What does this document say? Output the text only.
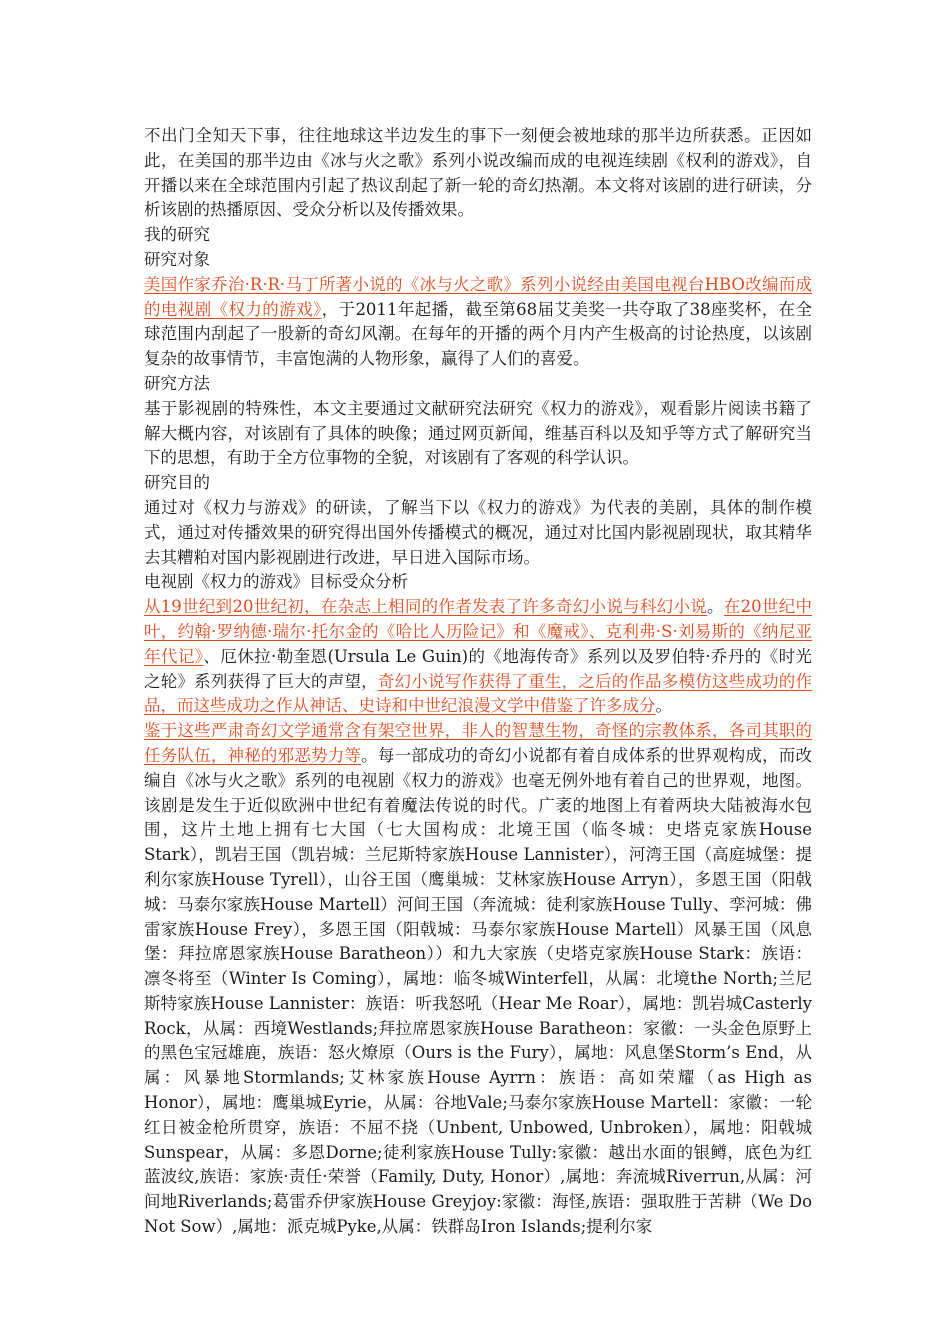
不出门全知天下事，往往地球这半边发生的事下一刻便会被地球的那半边所获悉。正因如此，在美国的那半边由《冰与火之歌》系列小说改编而成的电视连续剧《权利的游戏》，自开播以来在全球范围内引起了热议刮起了新一轮的奇幻热潮。本文将对该剧的进行研读，分析该剧的热播原因、受众分析以及传播效果。
我的研究
研究对象
美国作家乔治·R·R·马丁所著小说的《冰与火之歌》系列小说经由美国电视台HBO改编而成的电视剧《权力的游戏》，于2011年起播，截至第68届艾美奖一共夺取了38座奖杯，在全球范围内刮起了一股新的奇幻风潮。在每年的开播的两个月内产生极高的讨论热度，以该剧复杂的故事情节，丰富饱满的人物形象，赢得了人们的喜爱。
研究方法
基于影视剧的特殊性，本文主要通过文献研究法研究《权力的游戏》，观看影片阅读书籍了解大概内容，对该剧有了具体的映像；通过网页新闻，维基百科以及知乎等方式了解研究当下的思想，有助于全方位事物的全貌，对该剧有了客观的科学认识。
研究目的
通过对《权力与游戏》的研读，了解当下以《权力的游戏》为代表的美剧，具体的制作模式，通过对传播效果的研究得出国外传播模式的概况，通过对比国内影视剧现状，取其精华去其糟粕对国内影视剧进行改进，早日进入国际市场。
电视剧《权力的游戏》目标受众分析
从19世纪到20世纪初，在杂志上相同的作者发表了许多奇幻小说与科幻小说。在20世纪中叶，约翰·罗纳德·瑞尔·托尔金的《哈比人历险记》和《魔戒》、克利弗·S·刘易斯的《纳尼亚年代记》、厄休拉·勒奎恩(Ursula Le Guin)的《地海传奇》系列以及罗伯特·乔丹的《时光之轮》系列获得了巨大的声望，奇幻小说写作获得了重生，之后的作品多模仿这些成功的作品，而这些成功之作从神话、史诗和中世纪浪漫文学中借鉴了许多成分。
鉴于这些严肃奇幻文学通常含有架空世界，非人的智慧生物，奇怪的宗教体系，各司其职的任务队伍，神秘的邪恶势力等。每一部成功的奇幻小说都有着自成体系的世界观构成，而改编自《冰与火之歌》系列的电视剧《权力的游戏》也毫无例外地有着自己的世界观，地图。该剧是发生于近似欧洲中世纪有着魔法传说的时代。广袤的地图上有着两块大陆被海水包围，这片土地上拥有七大国（七大国构成：北境王国（临冬城：史塔克家族House Stark），凯岩王国（凯岩城：兰尼斯特家族House Lannister），河湾王国（高庭城堡：提利尔家族House Tyrell），山谷王国（鹰巢城：艾林家族House Arryn），多恩王国（阳戟城：马泰尔家族House Martell）河间王国（奔流城：徒利家族House Tully、孪河城：佛雷家族House Frey），多恩王国（阳戟城：马泰尔家族House Martell）风暴王国（风息堡：拜拉席恩家族House Baratheon））和九大家族（史塔克家族House Stark：族语：凛冬将至（Winter Is Coming），属地：临冬城Winterfell，从属：北境the North;兰尼斯特家族House Lannister：族语：听我怒吼（Hear Me Roar），属地：凯岩城Casterly Rock，从属：西境Westlands;拜拉席恩家族House Baratheon：家徽：一头金色原野上的黑色宝冠雄鹿，族语：怒火燎原（Ours is the Fury），属地：风息堡Storm’s End，从属：风暴地Stormlands;艾林家族House Ayrrn：族语：高如荣耀（as High as Honor），属地：鹰巢城Eyrie，从属：谷地Vale;马泰尔家族House Martell：家徽：一轮红日被金枪所贯穿，族语：不屈不挠（Unbent, Unbowed, Unbroken），属地：阳戟城Sunspear，从属：多恩Dorne;徒利家族House Tully:家徽：越出水面的银鳟，底色为红蓝波纹,族语：家族·责任·荣誉（Family, Duty, Honor）,属地：奔流城Riverrun,从属：河间地Riverlands;葛雷乔伊家族House Greyjoy:家徽：海怪,族语：强取胜于苦耕（We Do Not Sow）,属地：派克城Pyke,从属：铁群岛Iron Islands;提利尔家
